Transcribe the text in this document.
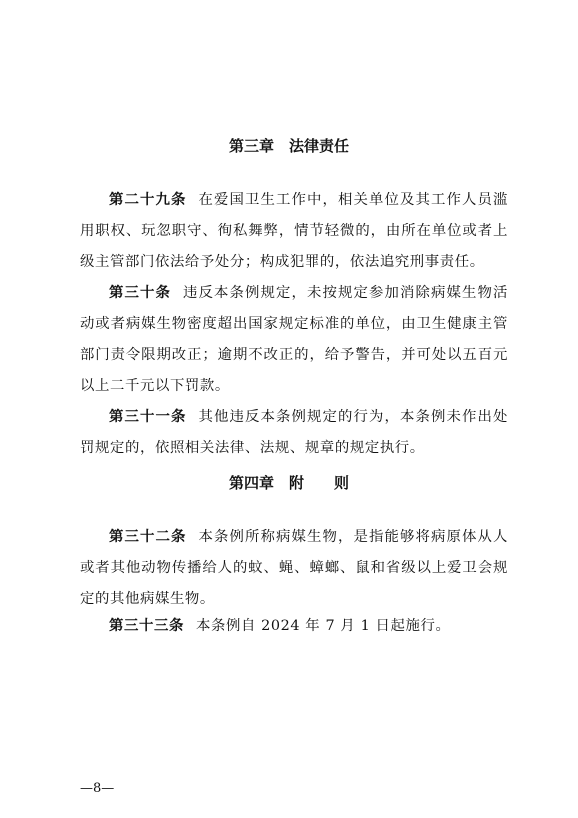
第三章　法律责任
第二十九条 在爱国卫生工作中，相关单位及其工作人员滥用职权、玩忽职守、徇私舞弊，情节轻微的，由所在单位或者上级主管部门依法给予处分；构成犯罪的，依法追究刑事责任。
第三十条 违反本条例规定，未按规定参加消除病媒生物活动或者病媒生物密度超出国家规定标准的单位，由卫生健康主管部门责令限期改正；逾期不改正的，给予警告，并可处以五百元以上二千元以下罚款。
第三十一条 其他违反本条例规定的行为，本条例未作出处罚规定的，依照相关法律、法规、规章的规定执行。
第四章　附　　则
第三十二条 本条例所称病媒生物，是指能够将病原体从人或者其他动物传播给人的蚊、蝇、蟑螂、鼠和省级以上爱卫会规定的其他病媒生物。
第三十三条 本条例自 2024 年 7 月 1 日起施行。
—8—
